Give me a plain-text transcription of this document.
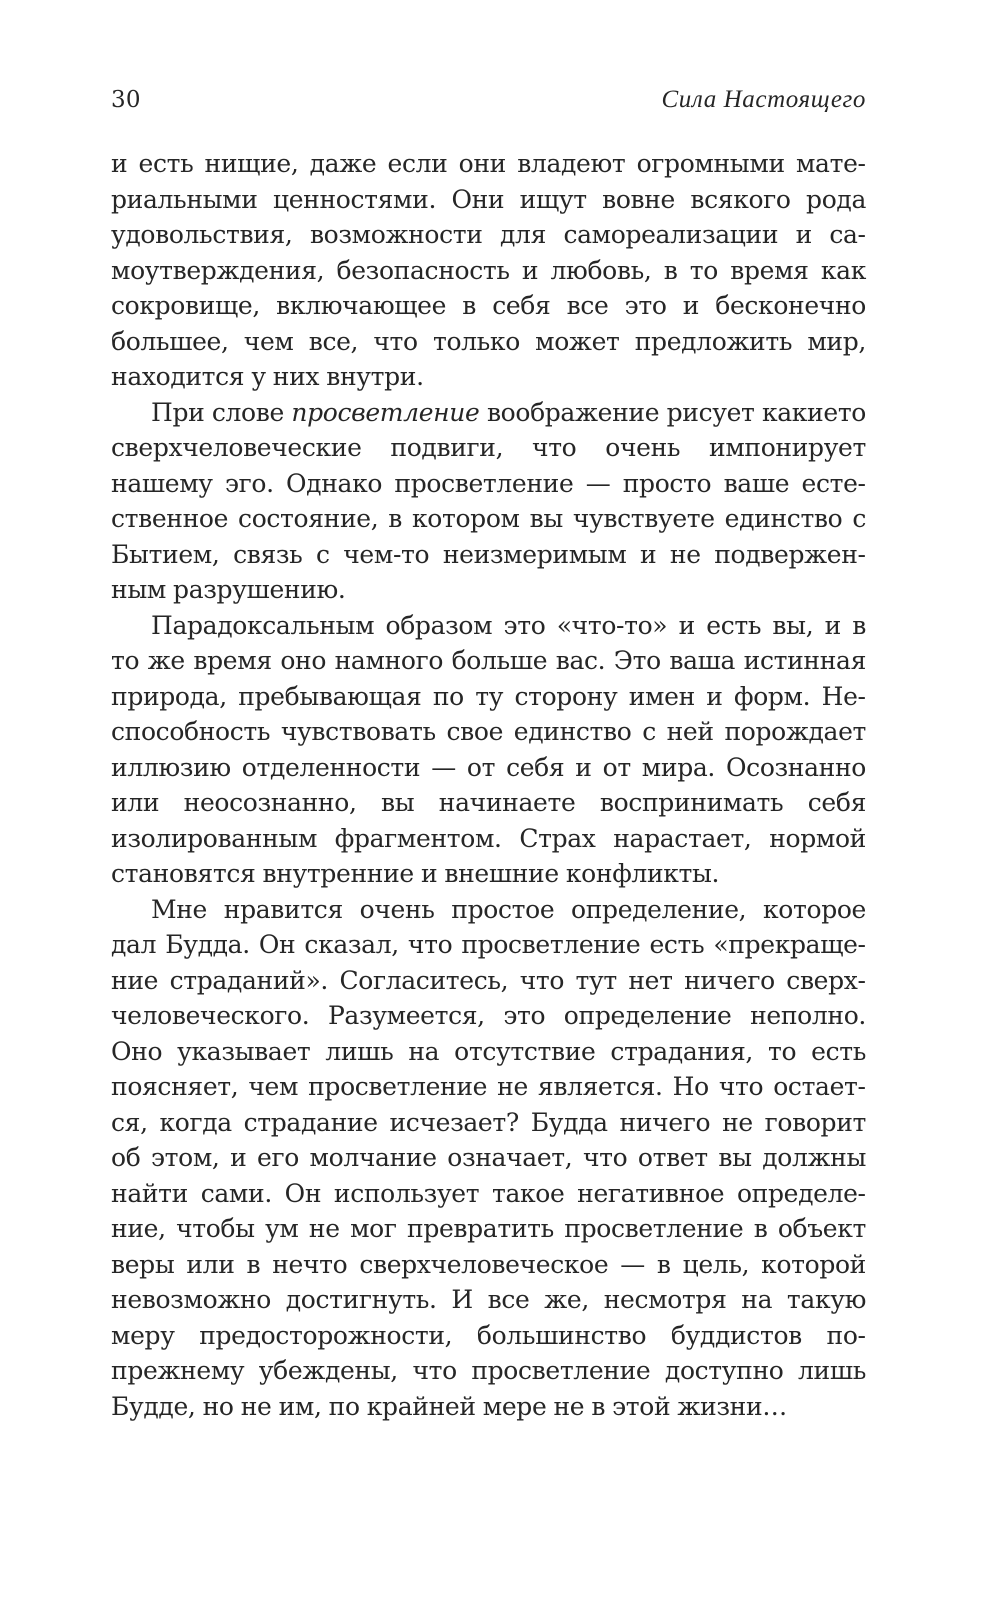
30	Сила Настоящего

и есть нищие, даже если они владеют огромными материальными ценностями. Они ищут вовне всякого рода удовольствия, возможности для самореализации и самоутверждения, безопасность и любовь, в то время как сокровище, включающее в себя все это и бесконечно большее, чем все, что только может предложить мир, находится у них внутри.

При слове просветление воображение рисует какието сверхчеловеческие подвиги, что очень импонирует нашему эго. Однако просветление — просто ваше естественное состояние, в котором вы чувствуете единство с Бытием, связь с чем-то неизмеримым и не подверженным разрушению.

Парадоксальным образом это «что-то» и есть вы, и в то же время оно намного больше вас. Это ваша истинная природа, пребывающая по ту сторону имен и форм. Неспособность чувствовать свое единство с ней порождает иллюзию отделенности — от себя и от мира. Осознанно или неосознанно, вы начинаете воспринимать себя изолированным фрагментом. Страх нарастает, нормой становятся внутренние и внешние конфликты.

Мне нравится очень простое определение, которое дал Будда. Он сказал, что просветление есть «прекращение страданий». Согласитесь, что тут нет ничего сверхчеловеческого. Разумеется, это определение неполно. Оно указывает лишь на отсутствие страдания, то есть поясняет, чем просветление не является. Но что остается, когда страдание исчезает? Будда ничего не говорит об этом, и его молчание означает, что ответ вы должны найти сами. Он использует такое негативное определение, чтобы ум не мог превратить просветление в объект веры или в нечто сверхчеловеческое — в цель, которой невозможно достигнуть. И все же, несмотря на такую меру предосторожности, большинство буддистов попрежнему убеждены, что просветление доступно лишь Будде, но не им, по крайней мере не в этой жизни…
